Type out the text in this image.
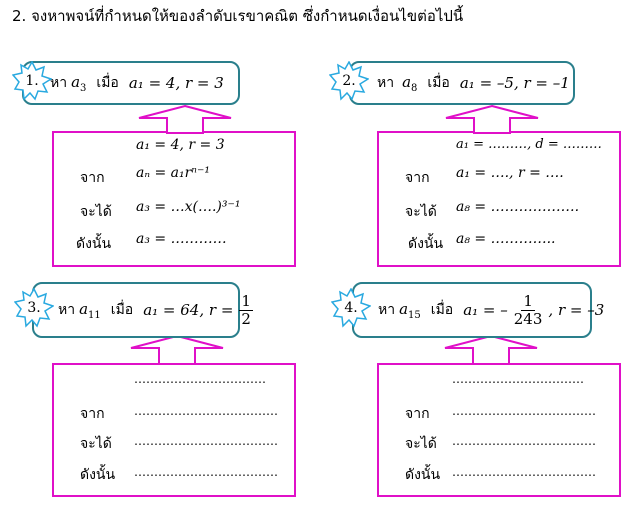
2. จงหาพจน์ที่กำหนดให้ของลำดับเรขาคณิต ซึ่งกำหนดเงื่อนไขต่อไปนี้
หา $a_3$ เมื่อ a₁ = 4, r = 3
1.
a₁ = 4, r = 3
จาก aₙ = a₁rⁿ⁻¹
จะได้ a₃ = …x(….)³⁻¹
ดังนั้น a₃ = …………
หา $a_8$ เมื่อ a₁ = –5, r = –1
2.
a₁ = ………, d = ………
จาก a₁ = …., r = ….
จะได้ a₈ = ……………….
ดังนั้น a₈ = …………..
หา $a_{11}$ เมื่อ a₁ = 64, $r = \frac{1}{2}$
3.
……………………………
จาก ………………………………
จะได้ ………………………………
ดังนั้น ………………………………
หา $a_{15}$ เมื่อ a₁ = – $\frac{1}{243}$ , r = –3
4.
……………………………
จาก ………………………………
จะได้ ………………………………
ดังนั้น ………………………………
